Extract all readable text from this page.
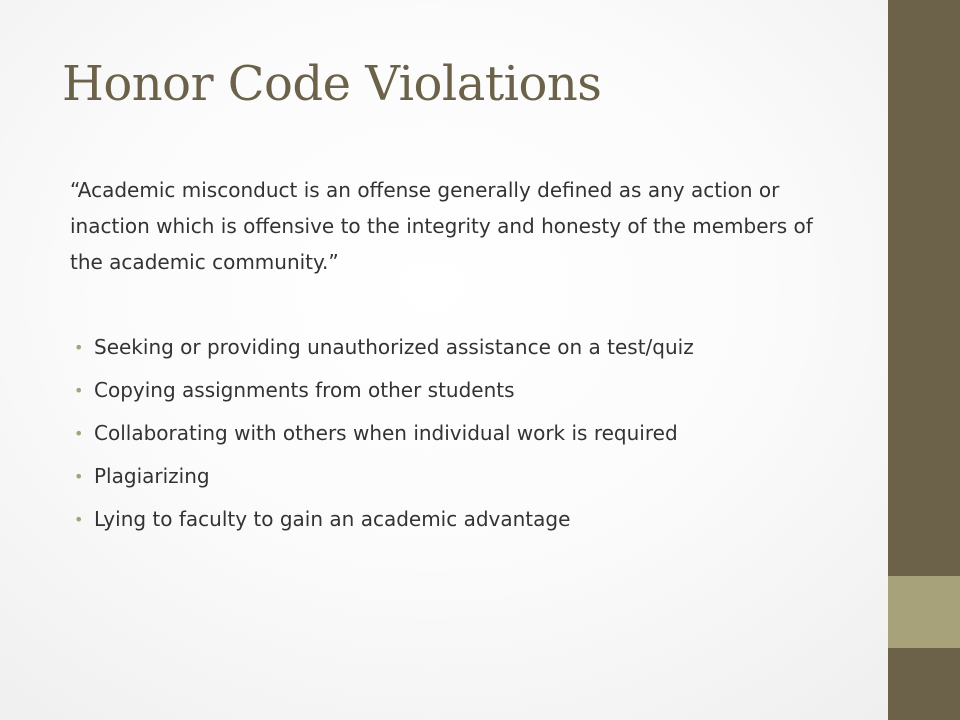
Honor Code Violations

“Academic misconduct is an offense generally defined as any action or inaction which is offensive to the integrity and honesty of the members of the academic community.”

• Seeking or providing unauthorized assistance on a test/quiz
• Copying assignments from other students
• Collaborating with others when individual work is required
• Plagiarizing
• Lying to faculty to gain an academic advantage
